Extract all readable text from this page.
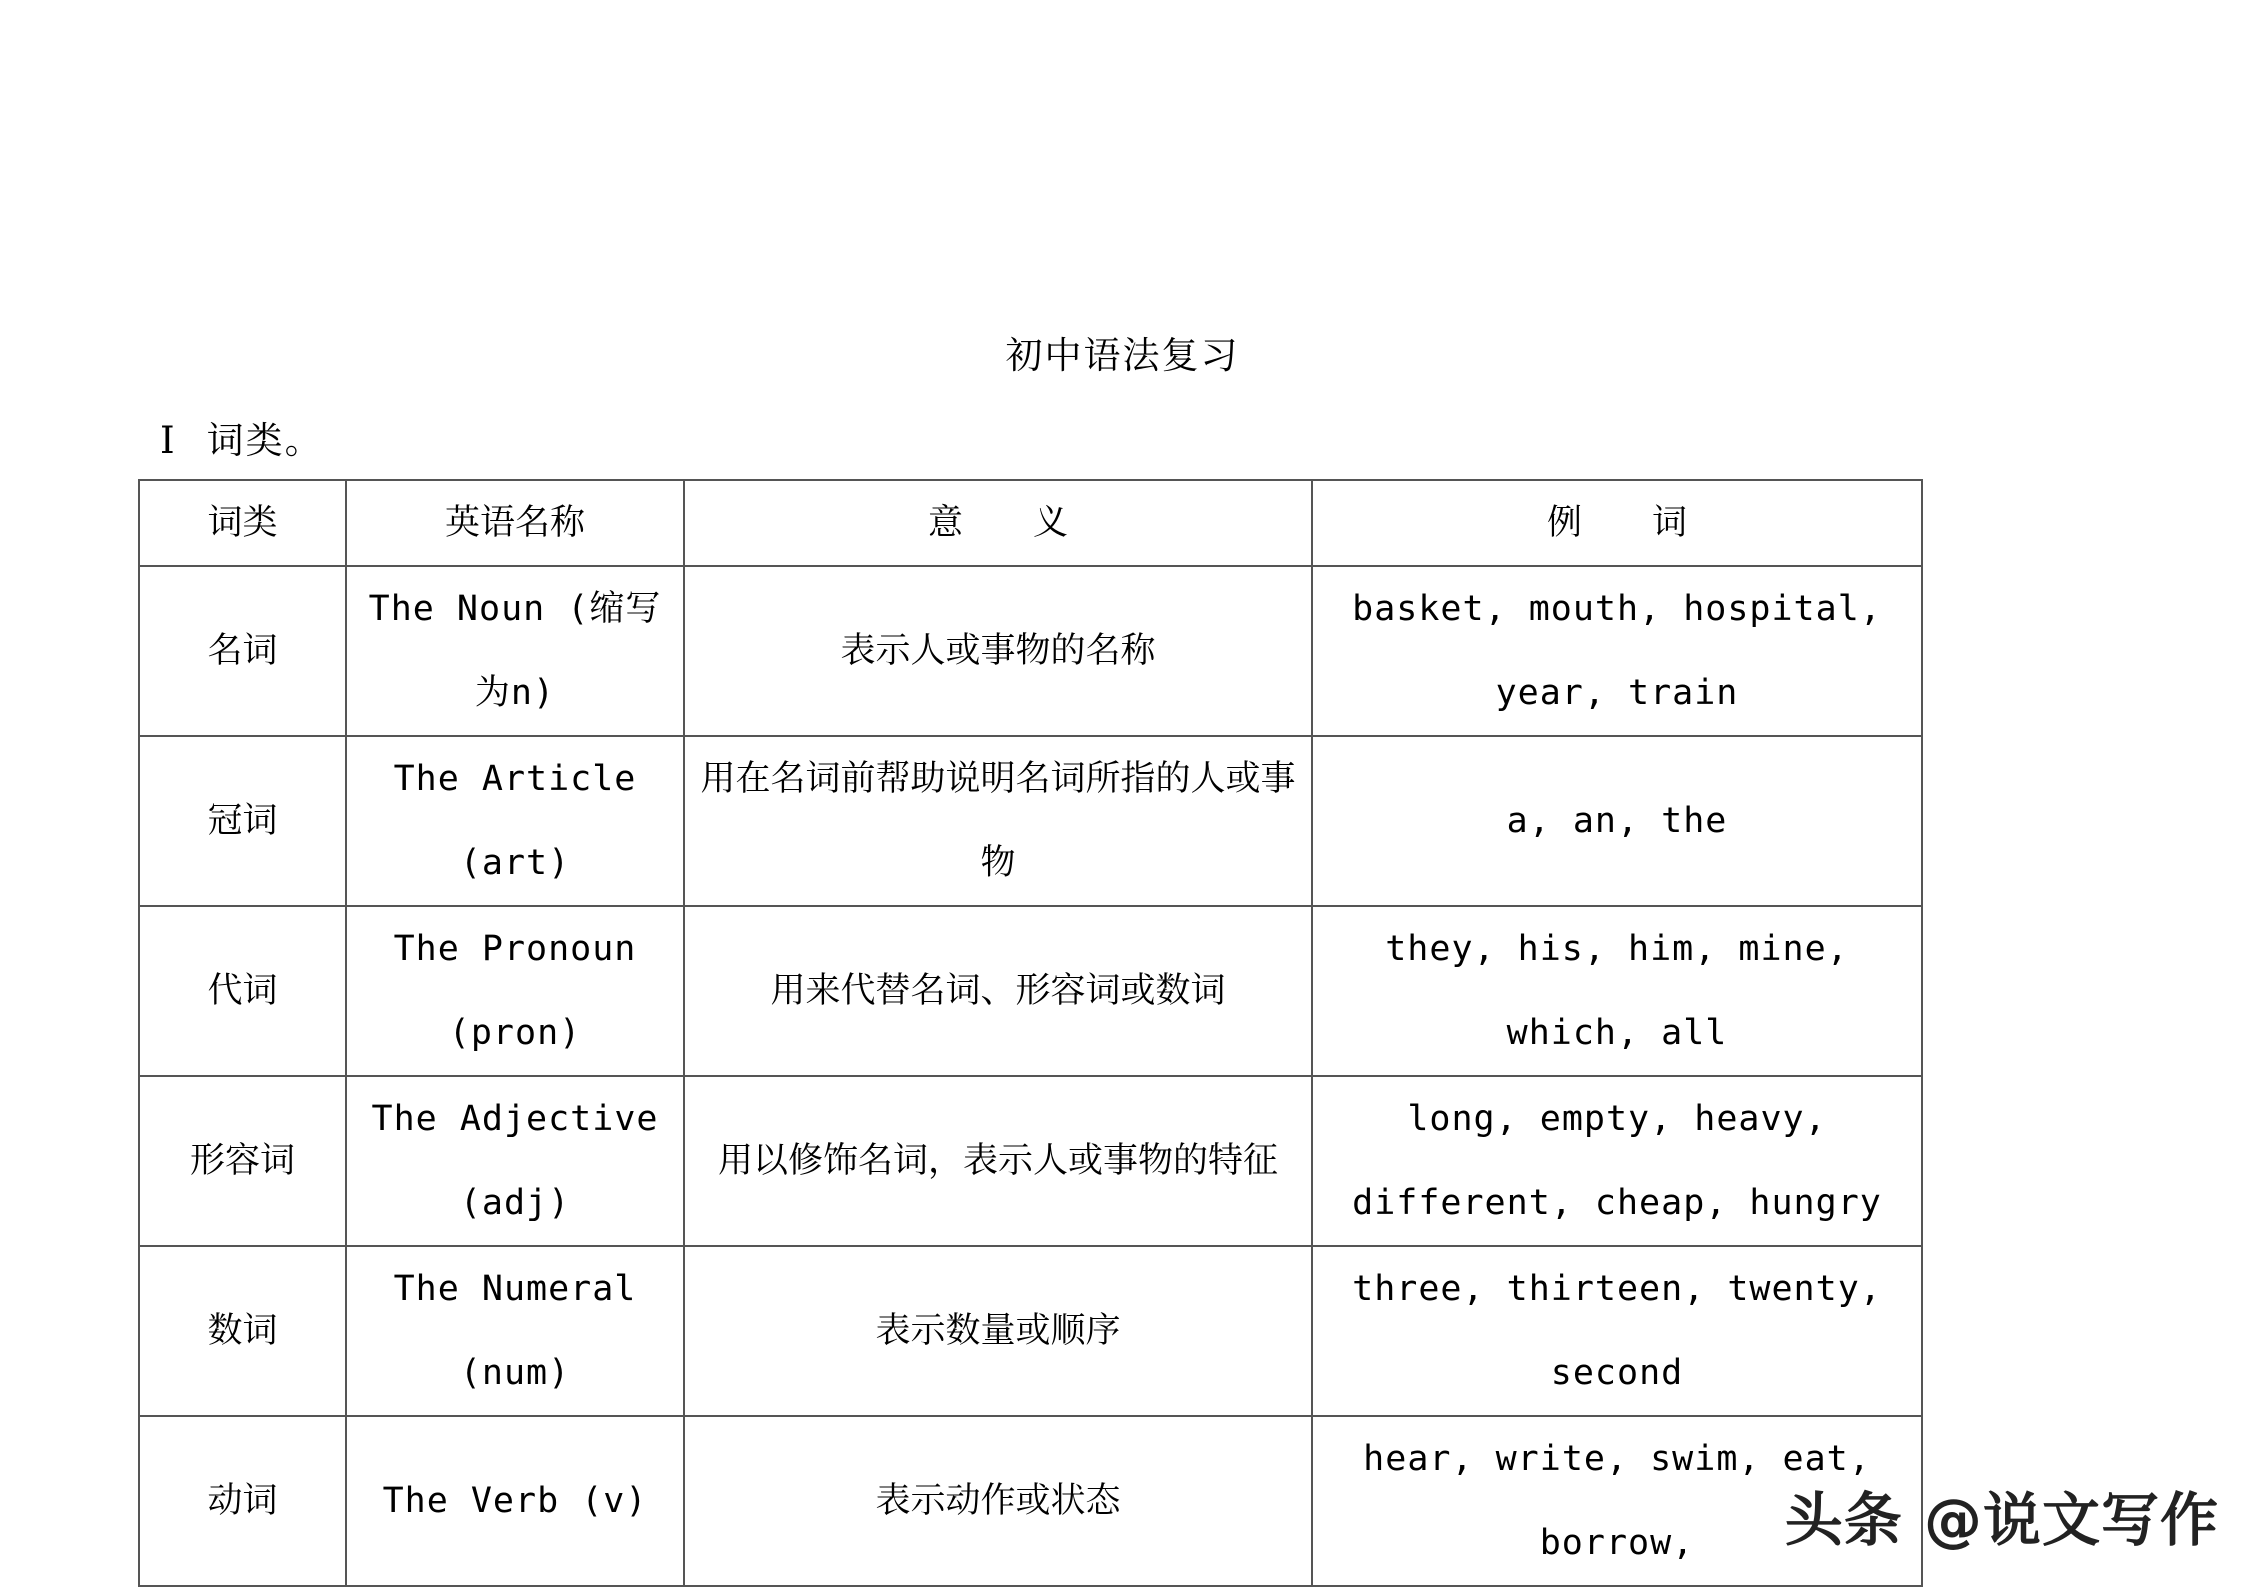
初中语法复习
I 词类。
词类	英语名称	意　　义	例　　词
名词	The Noun (缩写为n)	表示人或事物的名称	basket, mouth, hospital, year, train
冠词	The Article (art)	用在名词前帮助说明名词所指的人或事物	a, an, the
代词	The Pronoun (pron)	用来代替名词、形容词或数词	they, his, him, mine, which, all
形容词	The Adjective (adj)	用以修饰名词，表示人或事物的特征	long, empty, heavy, different, cheap, hungry
数词	The Numeral (num)	表示数量或顺序	three, thirteen, twenty, second
动词	The Verb (v)	表示动作或状态	hear, write, swim, eat, borrow, 头条 @说文写作
